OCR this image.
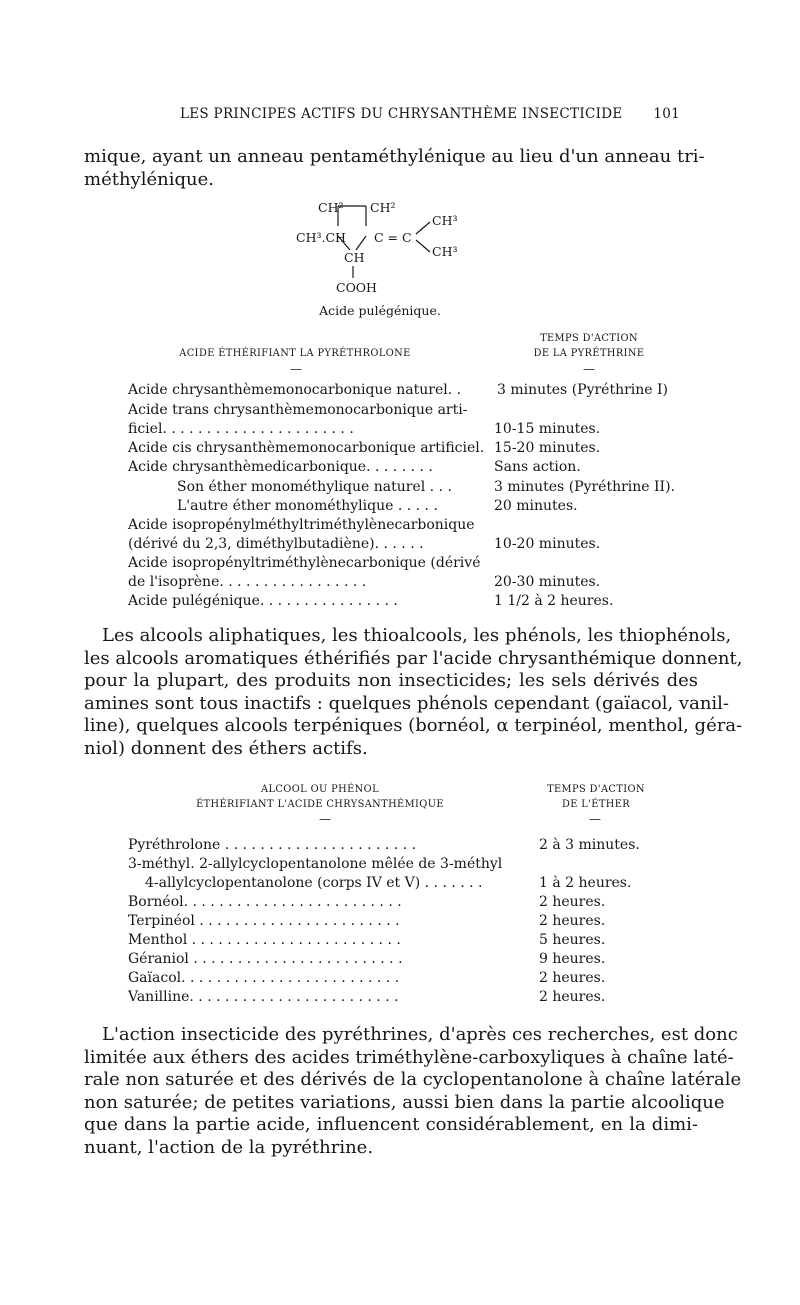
LES PRINCIPES ACTIFS DU CHRYSANTHÈME INSECTICIDE 101
mique, ayant un anneau pentaméthylénique au lieu d'un anneau tri-
méthylénique.
CH² CH²
CH³.CH C = C
CH³
CH³
CH
COOH
Acide pulégénique.
ACIDE ÉTHÉRIFIANT LA PYRÉTHROLONE
TEMPS D'ACTION
DE LA PYRÉTHRINE
—	—
Acide chrysanthèmemonocarbonique naturel. .	3 minutes (Pyréthrine I)
Acide trans chrysanthèmemonocarbonique arti-
ficiel. . . . . . . . . . . . . . . . . . . . . .	10-15 minutes.
Acide cis chrysanthèmemonocarbonique artificiel. 15-20 minutes.
Acide chrysanthèmedicarbonique. . . . . . . .	Sans action.
Son éther monométhylique naturel . . .	3 minutes (Pyréthrine II).
L'autre éther monométhylique . . . . .	20 minutes.
Acide isopropénylméthyltriméthylènecarbonique
(dérivé du 2,3, diméthylbutadiène). . . . . .	10-20 minutes.
Acide isopropényltriméthylènecarbonique (dérivé
de l'isoprène. . . . . . . . . . . . . . . . .	20-30 minutes.
Acide pulégénique. . . . . . . . . . . . . . . .	1 1/2 à 2 heures.
Les alcools aliphatiques, les thioalcools, les phénols, les thiophénols,
les alcools aromatiques éthérifiés par l'acide chrysanthémique donnent,
pour la plupart, des produits non insecticides; les sels dérivés des
amines sont tous inactifs : quelques phénols cependant (gaïacol, vanil-
line), quelques alcools terpéniques (bornéol, α terpinéol, menthol, géra-
niol) donnent des éthers actifs.
ALCOOL OU PHÉNOL
ÉTHÉRIFIANT L'ACIDE CHRYSANTHÉMIQUE
TEMPS D'ACTION
DE L'ÉTHER
—	—
Pyréthrolone . . . . . . . . . . . . . . . . . . . . . .	2 à 3 minutes.
3-méthyl. 2-allylcyclopentanolone mêlée de 3-méthyl
4-allylcyclopentanolone (corps IV et V) . . . . . . .	1 à 2 heures.
Bornéol. . . . . . . . . . . . . . . . . . . . . . . . .	2 heures.
Terpinéol . . . . . . . . . . . . . . . . . . . . . . .	2 heures.
Menthol . . . . . . . . . . . . . . . . . . . . . . . .	5 heures.
Géraniol . . . . . . . . . . . . . . . . . . . . . . . .	9 heures.
Gaïacol. . . . . . . . . . . . . . . . . . . . . . . . .	2 heures.
Vanilline. . . . . . . . . . . . . . . . . . . . . . . .	2 heures.
L'action insecticide des pyréthrines, d'après ces recherches, est donc
limitée aux éthers des acides triméthylène-carboxyliques à chaîne laté-
rale non saturée et des dérivés de la cyclopentanolone à chaîne latérale
non saturée; de petites variations, aussi bien dans la partie alcoolique
que dans la partie acide, influencent considérablement, en la dimi-
nuant, l'action de la pyréthrine.
